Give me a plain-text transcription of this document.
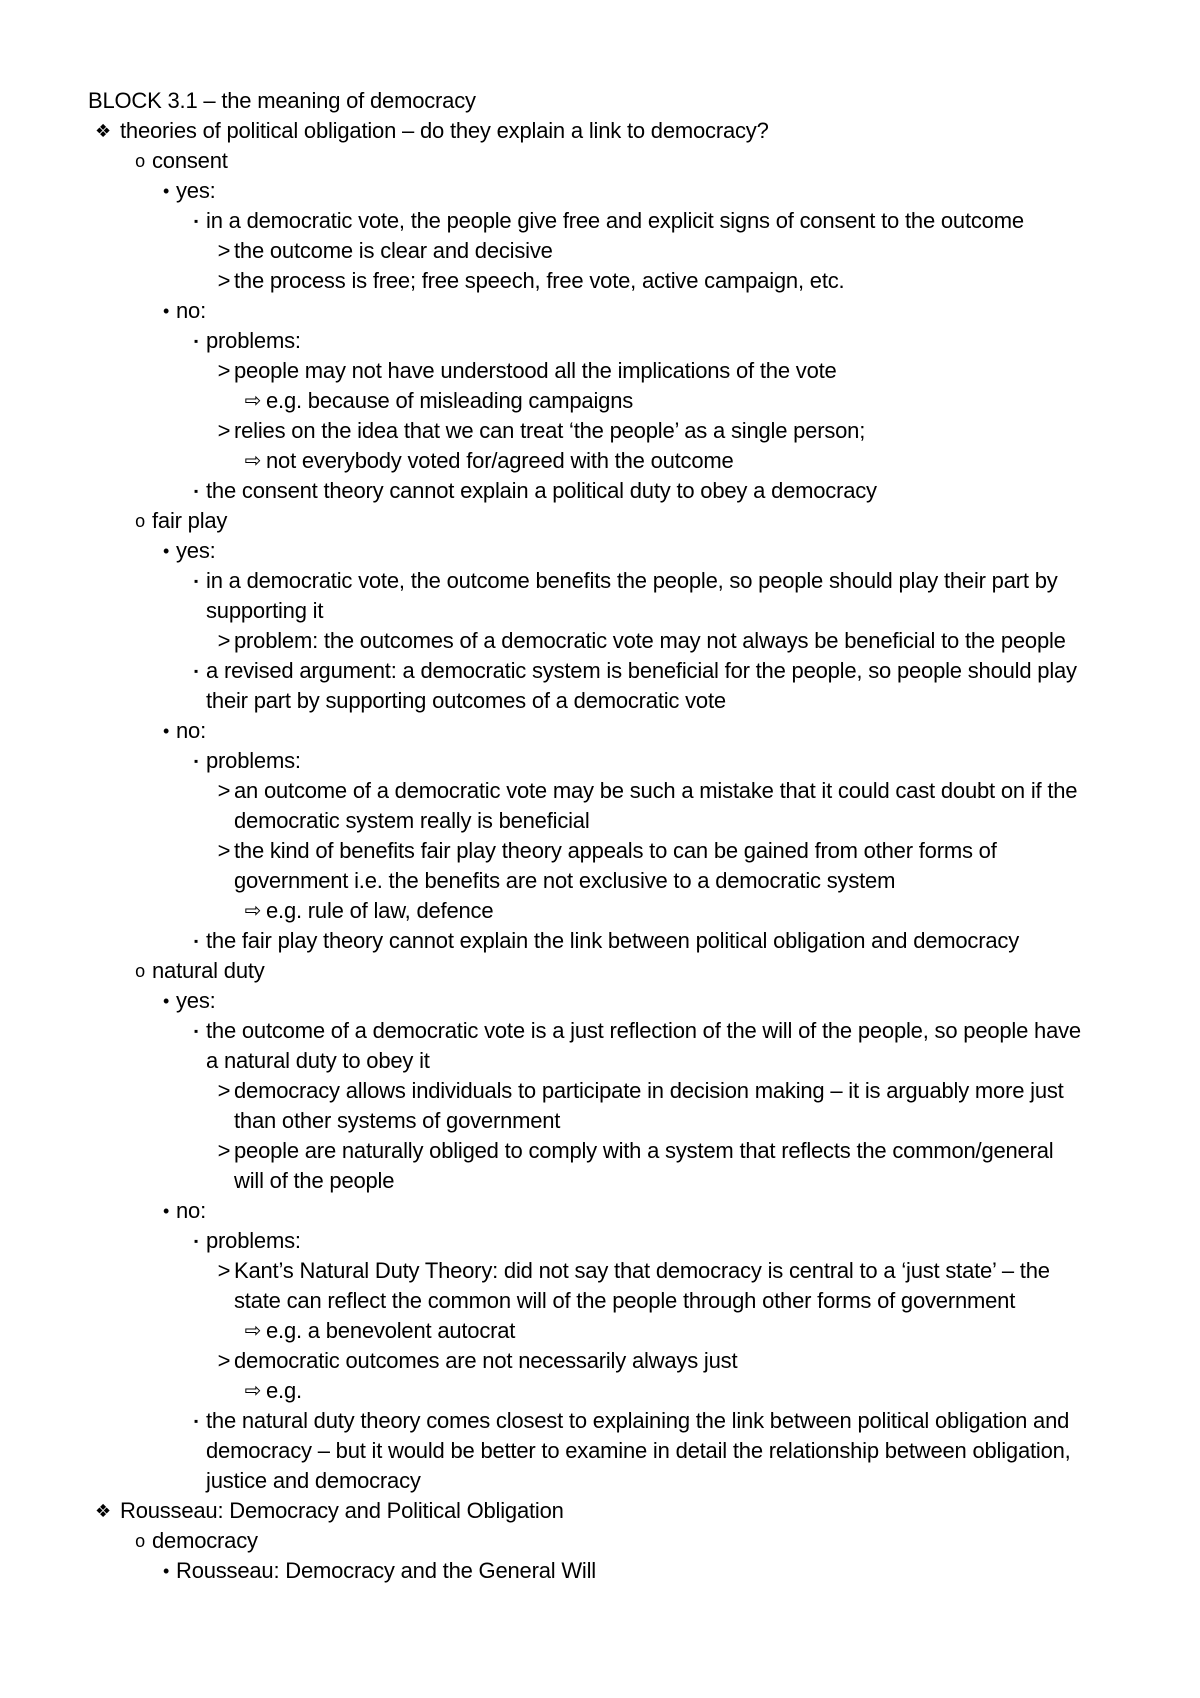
BLOCK 3.1 – the meaning of democracy
❖ theories of political obligation – do they explain a link to democracy?
o consent
• yes:
▪ in a democratic vote, the people give free and explicit signs of consent to the outcome
> the outcome is clear and decisive
> the process is free; free speech, free vote, active campaign, etc.
• no:
▪ problems:
> people may not have understood all the implications of the vote
⇨ e.g. because of misleading campaigns
> relies on the idea that we can treat ‘the people’ as a single person;
⇨ not everybody voted for/agreed with the outcome
▪ the consent theory cannot explain a political duty to obey a democracy
o fair play
• yes:
▪ in a democratic vote, the outcome benefits the people, so people should play their part by
supporting it
> problem: the outcomes of a democratic vote may not always be beneficial to the people
▪ a revised argument: a democratic system is beneficial for the people, so people should play
their part by supporting outcomes of a democratic vote
• no:
▪ problems:
> an outcome of a democratic vote may be such a mistake that it could cast doubt on if the
democratic system really is beneficial
> the kind of benefits fair play theory appeals to can be gained from other forms of
government i.e. the benefits are not exclusive to a democratic system
⇨ e.g. rule of law, defence
▪ the fair play theory cannot explain the link between political obligation and democracy
o natural duty
• yes:
▪ the outcome of a democratic vote is a just reflection of the will of the people, so people have
a natural duty to obey it
> democracy allows individuals to participate in decision making – it is arguably more just
than other systems of government
> people are naturally obliged to comply with a system that reflects the common/general
will of the people
• no:
▪ problems:
> Kant’s Natural Duty Theory: did not say that democracy is central to a ‘just state’ – the
state can reflect the common will of the people through other forms of government
⇨ e.g. a benevolent autocrat
> democratic outcomes are not necessarily always just
⇨ e.g.
▪ the natural duty theory comes closest to explaining the link between political obligation and
democracy – but it would be better to examine in detail the relationship between obligation,
justice and democracy
❖ Rousseau: Democracy and Political Obligation
o democracy
• Rousseau: Democracy and the General Will
